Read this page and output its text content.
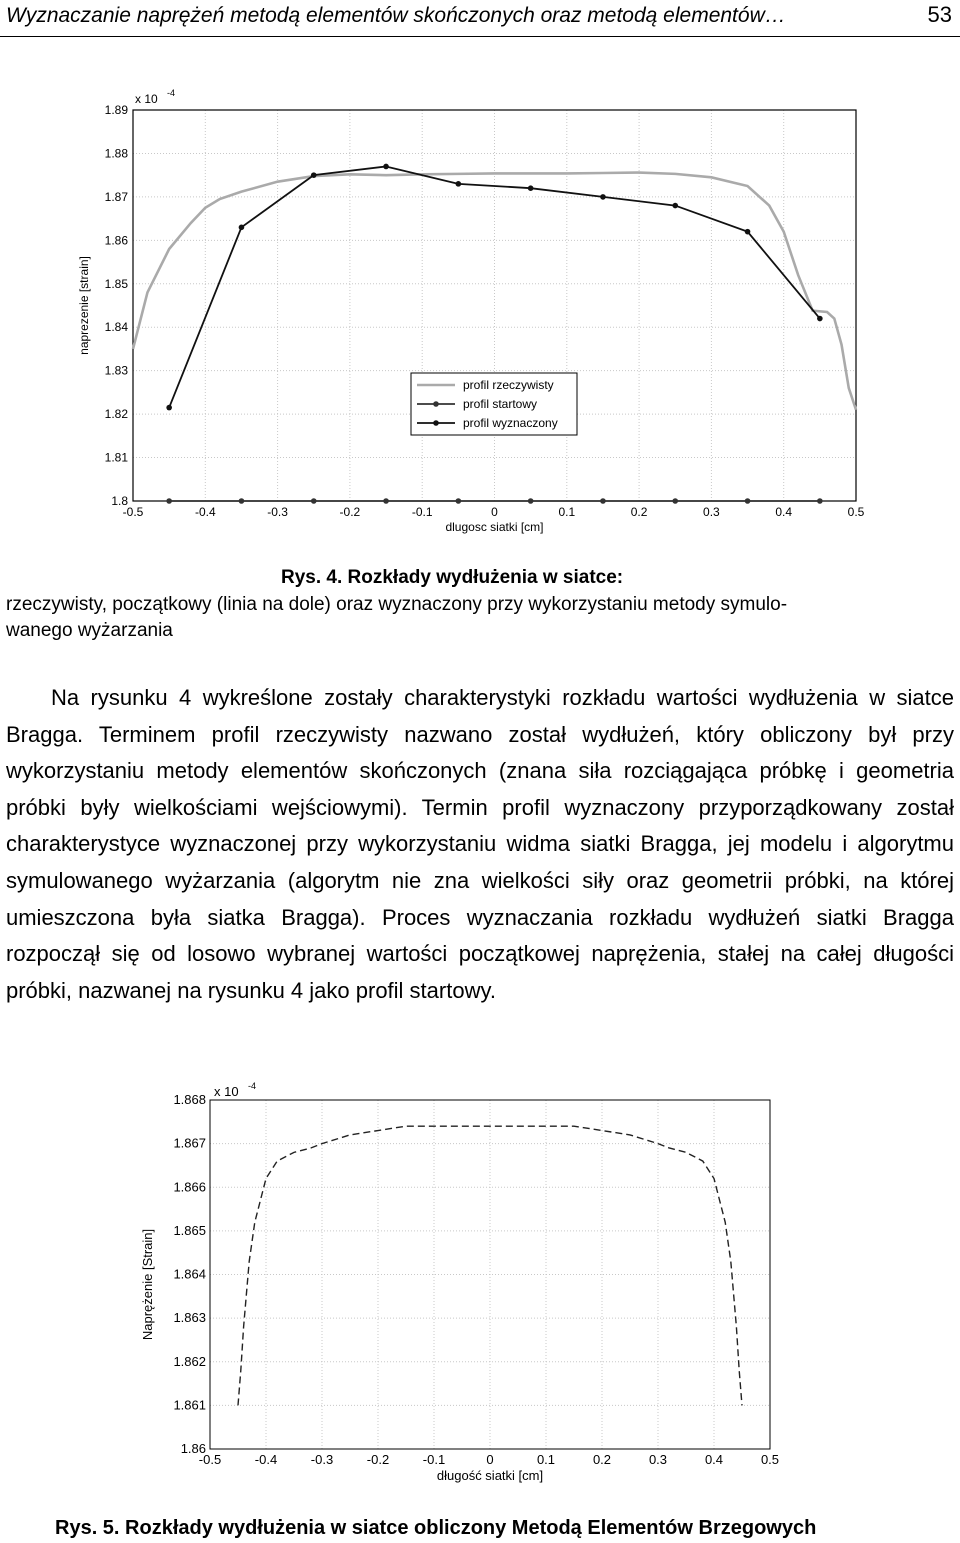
Wyznaczanie naprężeń metodą elementów skończonych oraz metodą elementów…	53
-0.5	-0.4	-0.3	-0.2	-0.1	0	0.1	0.2	0.3	0.4	0.5
1.8
1.81
1.82
1.83
1.84
1.85
1.86
1.87
1.88
1.89
x 10 -4
dlugosc siatki [cm]
naprezenie [strain]
profil rzeczywisty
profil startowy
profil wyznaczony
Rys. 4. Rozkłady wydłużenia w siatce:
rzeczywisty, początkowy (linia na dole) oraz wyznaczony przy wykorzystaniu metody symulo-
wanego wyżarzania
Na rysunku 4 wykreślone zostały charakterystyki rozkładu wartości wydłużenia w siatce Bragga. Terminem profil rzeczywisty nazwano został wydłużeń, który obliczony był przy wykorzystaniu metody elementów skończonych (znana siła rozciągająca próbkę i geometria próbki były wielkościami wejściowymi). Termin profil wyznaczony przyporządkowany został charakterystyce wyznaczonej przy wykorzystaniu widma siatki Bragga, jej modelu i algorytmu symulowanego wyżarzania (algorytm nie zna wielkości siły oraz geometrii próbki, na której umieszczona była siatka Bragga). Proces wyznaczania rozkładu wydłużeń siatki Bragga rozpoczął się od losowo wybranej wartości początkowej naprężenia, stałej na całej długości próbki, nazwanej na rysunku 4 jako profil startowy.
-0.5	-0.4	-0.3	-0.2	-0.1	0	0.1	0.2	0.3	0.4	0.5
1.86
1.861
1.862
1.863
1.864
1.865
1.866
1.867
1.868
x 10 -4
długość siatki [cm]
Naprężenie [Strain]
Rys. 5. Rozkłady wydłużenia w siatce obliczony Metodą Elementów Brzegowych
